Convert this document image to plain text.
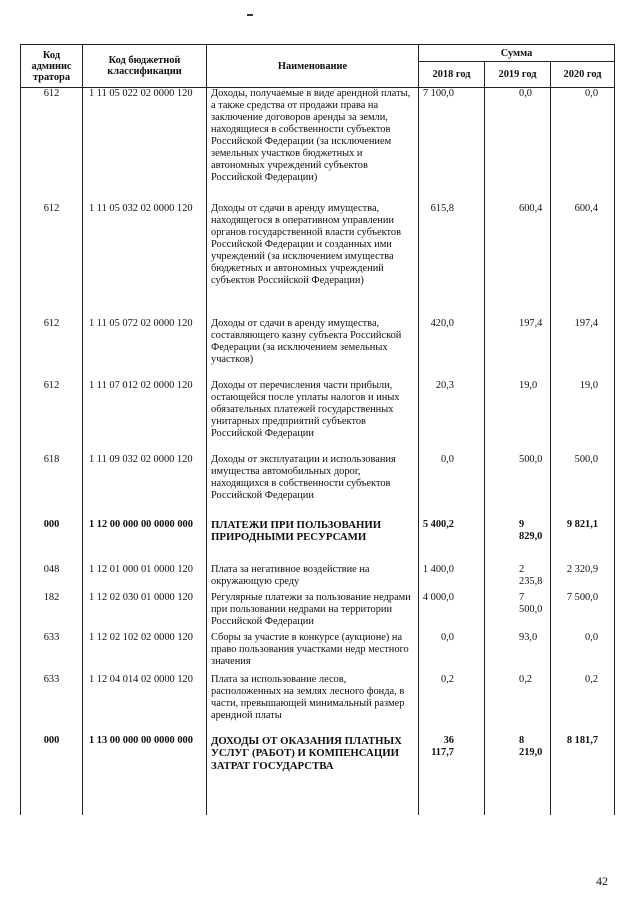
Код
админис
тратора	Код бюджетной
классификации	Наименование	Сумма		
			2018 год	2019 год	2020 год
612	1 11 05 022 02 0000 120	Доходы, получаемые в виде арендной платы, а также средства от продажи права на заключение договоров аренды за земли, находящиеся в собственности субъектов Российской Федерации (за исключением земельных участков бюджетных и автономных учреждений субъектов Российской Федерации)	7 100,0	0,0	0,0
612	1 11 05 032 02 0000 120	Доходы от сдачи в аренду имущества, находящегося в оперативном управлении органов государственной власти субъектов Российской Федерации и созданных ими учреждений (за исключением имущества бюджетных и автономных учреждений субъектов Российской Федерации)	615,8	600,4	600,4
612	1 11 05 072 02 0000 120	Доходы от сдачи в аренду имущества, составляющего казну субъекта Российской Федерации (за исключением земельных участков)	420,0	197,4	197,4
612	1 11 07 012 02 0000 120	Доходы от перечисления части прибыли, остающейся после уплаты налогов и иных обязательных платежей государственных унитарных предприятий субъектов Российской Федерации	20,3	19,0	19,0
618	1 11 09 032 02 0000 120	Доходы от эксплуатации и использования имущества автомобильных дорог, находящихся в собственности субъектов Российской Федерации	0,0	500,0	500,0
000	1 12 00 000 00 0000 000	ПЛАТЕЖИ ПРИ ПОЛЬЗОВАНИИ ПРИРОДНЫМИ РЕСУРСАМИ	5 400,2	9 829,0	9 821,1
048	1 12 01 000 01 0000 120	Плата за негативное воздействие на окружающую среду	1 400,0	2 235,8	2 320,9
182	1 12 02 030 01 0000 120	Регулярные платежи за пользование недрами при пользовании недрами на территории Российской Федерации	4 000,0	7 500,0	7 500,0
633	1 12 02 102 02 0000 120	Сборы за участие в конкурсе (аукционе) на право пользования участками недр местного значения	0,0	93,0	0,0
633	1 12 04 014 02 0000 120	Плата за использование лесов, расположенных на землях лесного фонда, в части, превышающей минимальный размер арендной платы	0,2	0,2	0,2
000	1 13 00 000 00 0000 000	ДОХОДЫ ОТ ОКАЗАНИЯ ПЛАТНЫХ УСЛУГ (РАБОТ) И КОМПЕНСАЦИИ ЗАТРАТ ГОСУДАРСТВА	36 117,7	8 219,0	8 181,7
42
